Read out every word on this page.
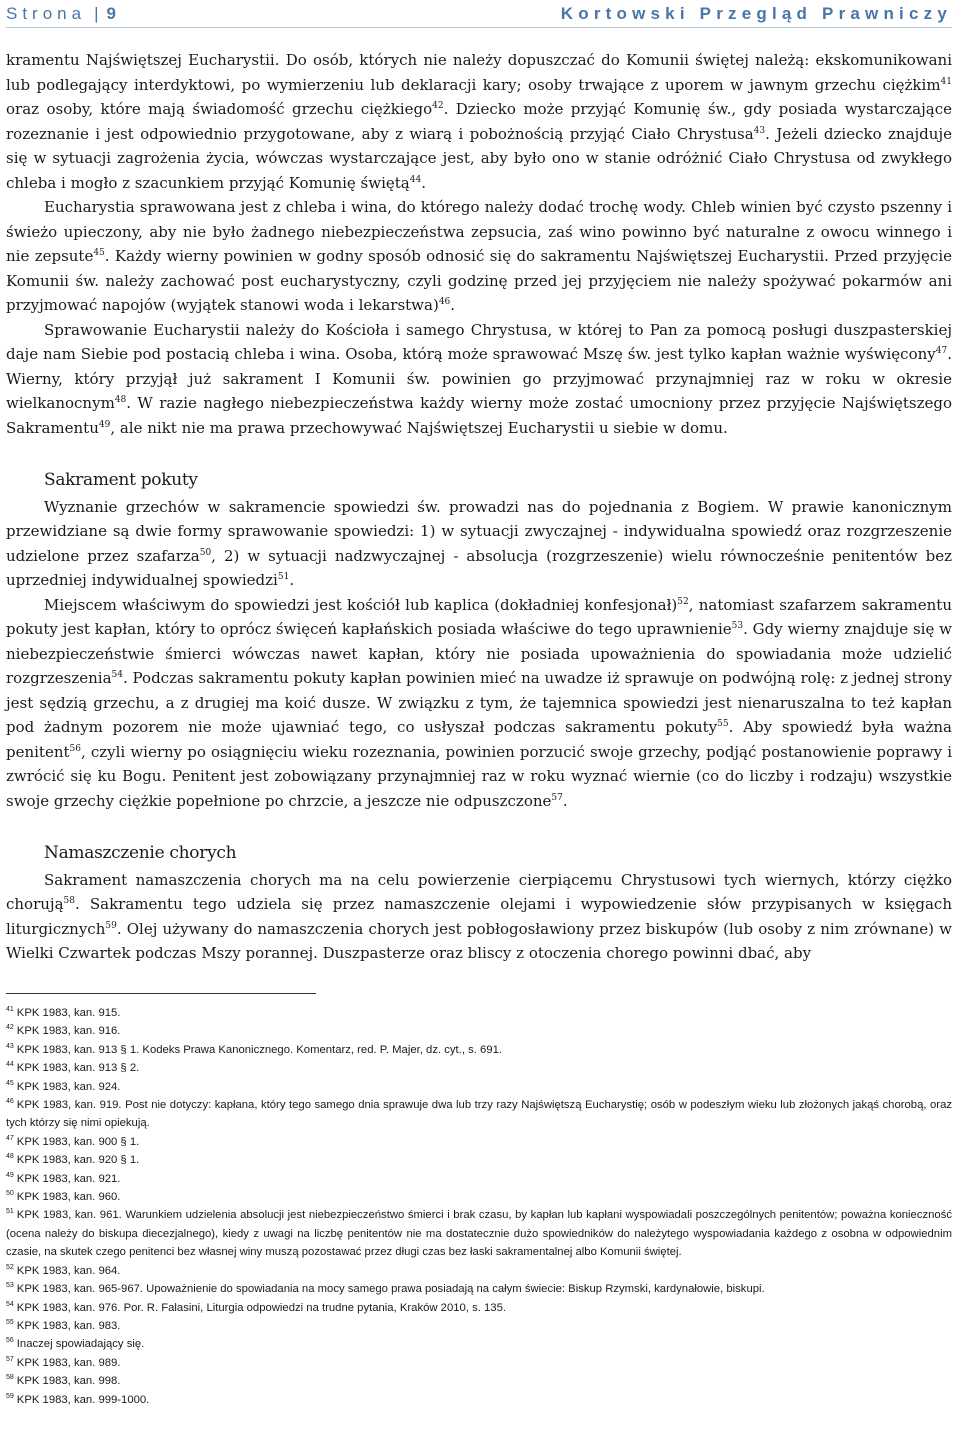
Strona | 9	Kortowski Przegląd Prawniczy

kramentu Najświętszej Eucharystii. Do osób, których nie należy dopuszczać do Komunii świętej należą: ekskomunikowani lub podlegający interdyktowi, po wymierzeniu lub deklaracji kary; osoby trwające z uporem w jawnym grzechu ciężkim$^{41}$ oraz osoby, które mają świadomość grzechu ciężkiego$^{42}$. Dziecko może przyjąć Komunię św., gdy posiada wystarczające rozeznanie i jest odpowiednio przygotowane, aby z wiarą i pobożnością przyjąć Ciało Chrystusa$^{43}$. Jeżeli dziecko znajduje się w sytuacji zagrożenia życia, wówczas wystarczające jest, aby było ono w stanie odróżnić Ciało Chrystusa od zwykłego chleba i mogło z szacunkiem przyjąć Komunię świętą$^{44}$.

Eucharystia sprawowana jest z chleba i wina, do którego należy dodać trochę wody. Chleb winien być czysto pszenny i świeżo upieczony, aby nie było żadnego niebezpieczeństwa zepsucia, zaś wino powinno być naturalne z owocu winnego i nie zepsute$^{45}$. Każdy wierny powinien w godny sposób odnosić się do sakramentu Najświętszej Eucharystii. Przed przyjęcie Komunii św. należy zachować post eucharystyczny, czyli godzinę przed jej przyjęciem nie należy spożywać pokarmów ani przyjmować napojów (wyjątek stanowi woda i lekarstwa)$^{46}$.

Sprawowanie Eucharystii należy do Kościoła i samego Chrystusa, w której to Pan za pomocą posługi duszpasterskiej daje nam Siebie pod postacią chleba i wina. Osoba, którą może sprawować Mszę św. jest tylko kapłan ważnie wyświęcony$^{47}$. Wierny, który przyjął już sakrament I Komunii św. powinien go przyjmować przynajmniej raz w roku w okresie wielkanocnym$^{48}$. W razie nagłego niebezpieczeństwa każdy wierny może zostać umocniony przez przyjęcie Najświętszego Sakramentu$^{49}$, ale nikt nie ma prawa przechowywać Najświętszej Eucharystii u siebie w domu.

Sakrament pokuty

Wyznanie grzechów w sakramencie spowiedzi św. prowadzi nas do pojednania z Bogiem. W prawie kanonicznym przewidziane są dwie formy sprawowanie spowiedzi: 1) w sytuacji zwyczajnej - indywidualna spowiedź oraz rozgrzeszenie udzielone przez szafarza$^{50}$, 2) w sytuacji nadzwyczajnej - absolucja (rozgrzeszenie) wielu równocześnie penitentów bez uprzedniej indywidualnej spowiedzi$^{51}$.

Miejscem właściwym do spowiedzi jest kościół lub kaplica (dokładniej konfesjonał)$^{52}$, natomiast szafarzem sakramentu pokuty jest kapłan, który to oprócz święceń kapłańskich posiada właściwe do tego uprawnienie$^{53}$. Gdy wierny znajduje się w niebezpieczeństwie śmierci wówczas nawet kapłan, który nie posiada upoważnienia do spowiadania może udzielić rozgrzeszenia$^{54}$. Podczas sakramentu pokuty kapłan powinien mieć na uwadze iż sprawuje on podwójną rolę: z jednej strony jest sędzią grzechu, a z drugiej ma koić dusze. W związku z tym, że tajemnica spowiedzi jest nienaruszalna to też kapłan pod żadnym pozorem nie może ujawniać tego, co usłyszał podczas sakramentu pokuty$^{55}$. Aby spowiedź była ważna penitent$^{56}$, czyli wierny po osiągnięciu wieku rozeznania, powinien porzucić swoje grzechy, podjąć postanowienie poprawy i zwrócić się ku Bogu. Penitent jest zobowiązany przynajmniej raz w roku wyznać wiernie (co do liczby i rodzaju) wszystkie swoje grzechy ciężkie popełnione po chrzcie, a jeszcze nie odpuszczone$^{57}$.

Namaszczenie chorych

Sakrament namaszczenia chorych ma na celu powierzenie cierpiącemu Chrystusowi tych wiernych, którzy ciężko chorują$^{58}$. Sakramentu tego udziela się przez namaszczenie olejami i wypowiedzenie słów przypisanych w księgach liturgicznych$^{59}$. Olej używany do namaszczenia chorych jest pobłogosławiony przez biskupów (lub osoby z nim zrównane) w Wielki Czwartek podczas Mszy porannej. Duszpasterze oraz bliscy z otoczenia chorego powinni dbać, aby

$^{41}$ KPK 1983, kan. 915.
$^{42}$ KPK 1983, kan. 916.
$^{43}$ KPK 1983, kan. 913 § 1. Kodeks Prawa Kanonicznego. Komentarz, red. P. Majer, dz. cyt., s. 691.
$^{44}$ KPK 1983, kan. 913 § 2.
$^{45}$ KPK 1983, kan. 924.
$^{46}$ KPK 1983, kan. 919. Post nie dotyczy: kapłana, który tego samego dnia sprawuje dwa lub trzy razy Najświętszą Eucharystię; osób w podeszłym wieku lub złożonych jakąś chorobą, oraz tych którzy się nimi opiekują.
$^{47}$ KPK 1983, kan. 900 § 1.
$^{48}$ KPK 1983, kan. 920 § 1.
$^{49}$ KPK 1983, kan. 921.
$^{50}$ KPK 1983, kan. 960.
$^{51}$ KPK 1983, kan. 961. Warunkiem udzielenia absolucji jest niebezpieczeństwo śmierci i brak czasu, by kapłan lub kapłani wyspowiadali poszczególnych penitentów; poważna konieczność (ocena należy do biskupa diecezjalnego), kiedy z uwagi na liczbę penitentów nie ma dostatecznie dużo spowiedników do należytego wyspowiadania każdego z osobna w odpowiednim czasie, na skutek czego penitenci bez własnej winy muszą pozostawać przez długi czas bez łaski sakramentalnej albo Komunii świętej.
$^{52}$ KPK 1983, kan. 964.
$^{53}$ KPK 1983, kan. 965-967. Upoważnienie do spowiadania na mocy samego prawa posiadają na całym świecie: Biskup Rzymski, kardynałowie, biskupi.
$^{54}$ KPK 1983, kan. 976. Por. R. Falasini, Liturgia odpowiedzi na trudne pytania, Kraków 2010, s. 135.
$^{55}$ KPK 1983, kan. 983.
$^{56}$ Inaczej spowiadający się.
$^{57}$ KPK 1983, kan. 989.
$^{58}$ KPK 1983, kan. 998.
$^{59}$ KPK 1983, kan. 999-1000.
